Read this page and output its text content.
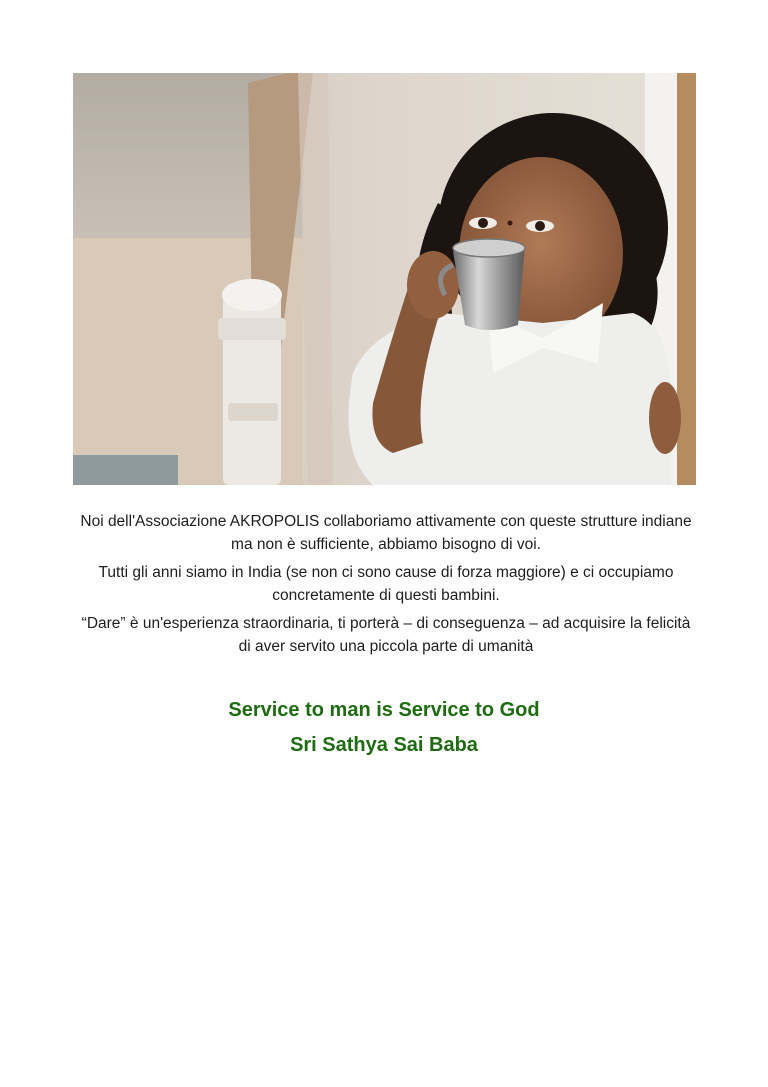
Noi dell'Associazione AKROPOLIS collaboriamo attivamente con queste strutture indiane ma non è sufficiente, abbiamo bisogno di voi.

Tutti gli anni siamo in India (se non ci sono cause di forza maggiore) e ci occupiamo concretamente di questi bambini.

“Dare” è un'esperienza straordinaria, ti porterà – di conseguenza – ad acquisire la felicità di aver servito una piccola parte di umanità

Service to man is Service to God
Sri Sathya Sai Baba
